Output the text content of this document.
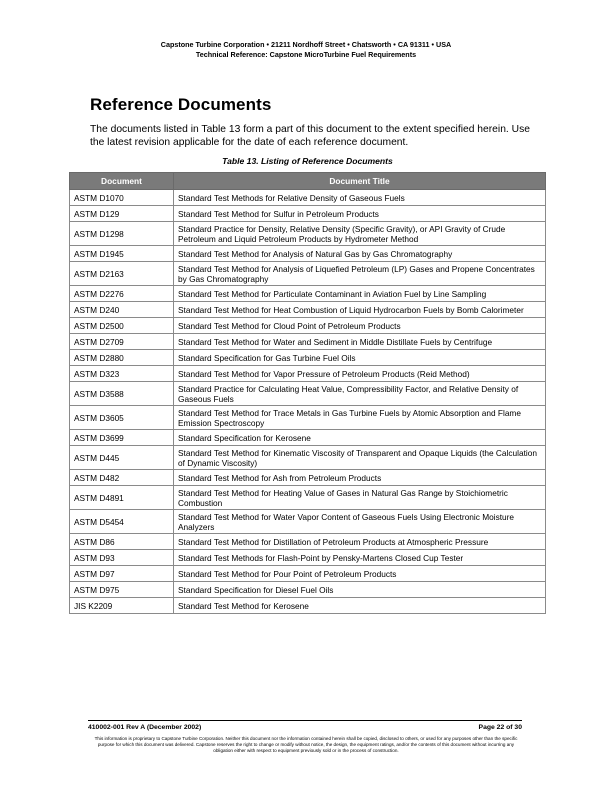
Capstone Turbine Corporation • 21211 Nordhoff Street • Chatsworth • CA 91311 • USA
Technical Reference: Capstone MicroTurbine Fuel Requirements
Reference Documents

The documents listed in Table 13 form a part of this document to the extent specified herein. Use the latest revision applicable for the date of each reference document.

Table 13. Listing of Reference Documents
Document	Document Title
ASTM D1070	Standard Test Methods for Relative Density of Gaseous Fuels
ASTM D129	Standard Test Method for Sulfur in Petroleum Products
ASTM D1298	Standard Practice for Density, Relative Density (Specific Gravity), or API Gravity of Crude Petroleum and Liquid Petroleum Products by Hydrometer Method
ASTM D1945	Standard Test Method for Analysis of Natural Gas by Gas Chromatography
ASTM D2163	Standard Test Method for Analysis of Liquefied Petroleum (LP) Gases and Propene Concentrates by Gas Chromatography
ASTM D2276	Standard Test Method for Particulate Contaminant in Aviation Fuel by Line Sampling
ASTM D240	Standard Test Method for Heat Combustion of Liquid Hydrocarbon Fuels by Bomb Calorimeter
ASTM D2500	Standard Test Method for Cloud Point of Petroleum Products
ASTM D2709	Standard Test Method for Water and Sediment in Middle Distillate Fuels by Centrifuge
ASTM D2880	Standard Specification for Gas Turbine Fuel Oils
ASTM D323	Standard Test Method for Vapor Pressure of Petroleum Products (Reid Method)
ASTM D3588	Standard Practice for Calculating Heat Value, Compressibility Factor, and Relative Density of Gaseous Fuels
ASTM D3605	Standard Test Method for Trace Metals in Gas Turbine Fuels by Atomic Absorption and Flame Emission Spectroscopy
ASTM D3699	Standard Specification for Kerosene
ASTM D445	Standard Test Method for Kinematic Viscosity of Transparent and Opaque Liquids (the Calculation of Dynamic Viscosity)
ASTM D482	Standard Test Method for Ash from Petroleum Products
ASTM D4891	Standard Test Method for Heating Value of Gases in Natural Gas Range by Stoichiometric Combustion
ASTM D5454	Standard Test Method for Water Vapor Content of Gaseous Fuels Using Electronic Moisture Analyzers
ASTM D86	Standard Test Method for Distillation of Petroleum Products at Atmospheric Pressure
ASTM D93	Standard Test Methods for Flash-Point by Pensky-Martens Closed Cup Tester
ASTM D97	Standard Test Method for Pour Point of Petroleum Products
ASTM D975	Standard Specification for Diesel Fuel Oils
JIS K2209	Standard Test Method for Kerosene
410002-001 Rev A (December 2002)	Page 22 of 30

This information is proprietary to Capstone Turbine Corporation. Neither this document nor the information contained herein shall be copied, disclosed to others, or used for any purposes other than the specific purpose for which this document was delivered. Capstone reserves the right to change or modify without notice, the design, the equipment ratings, and/or the contents of this document without incurring any obligation either with respect to equipment previously sold or in the process of construction.
